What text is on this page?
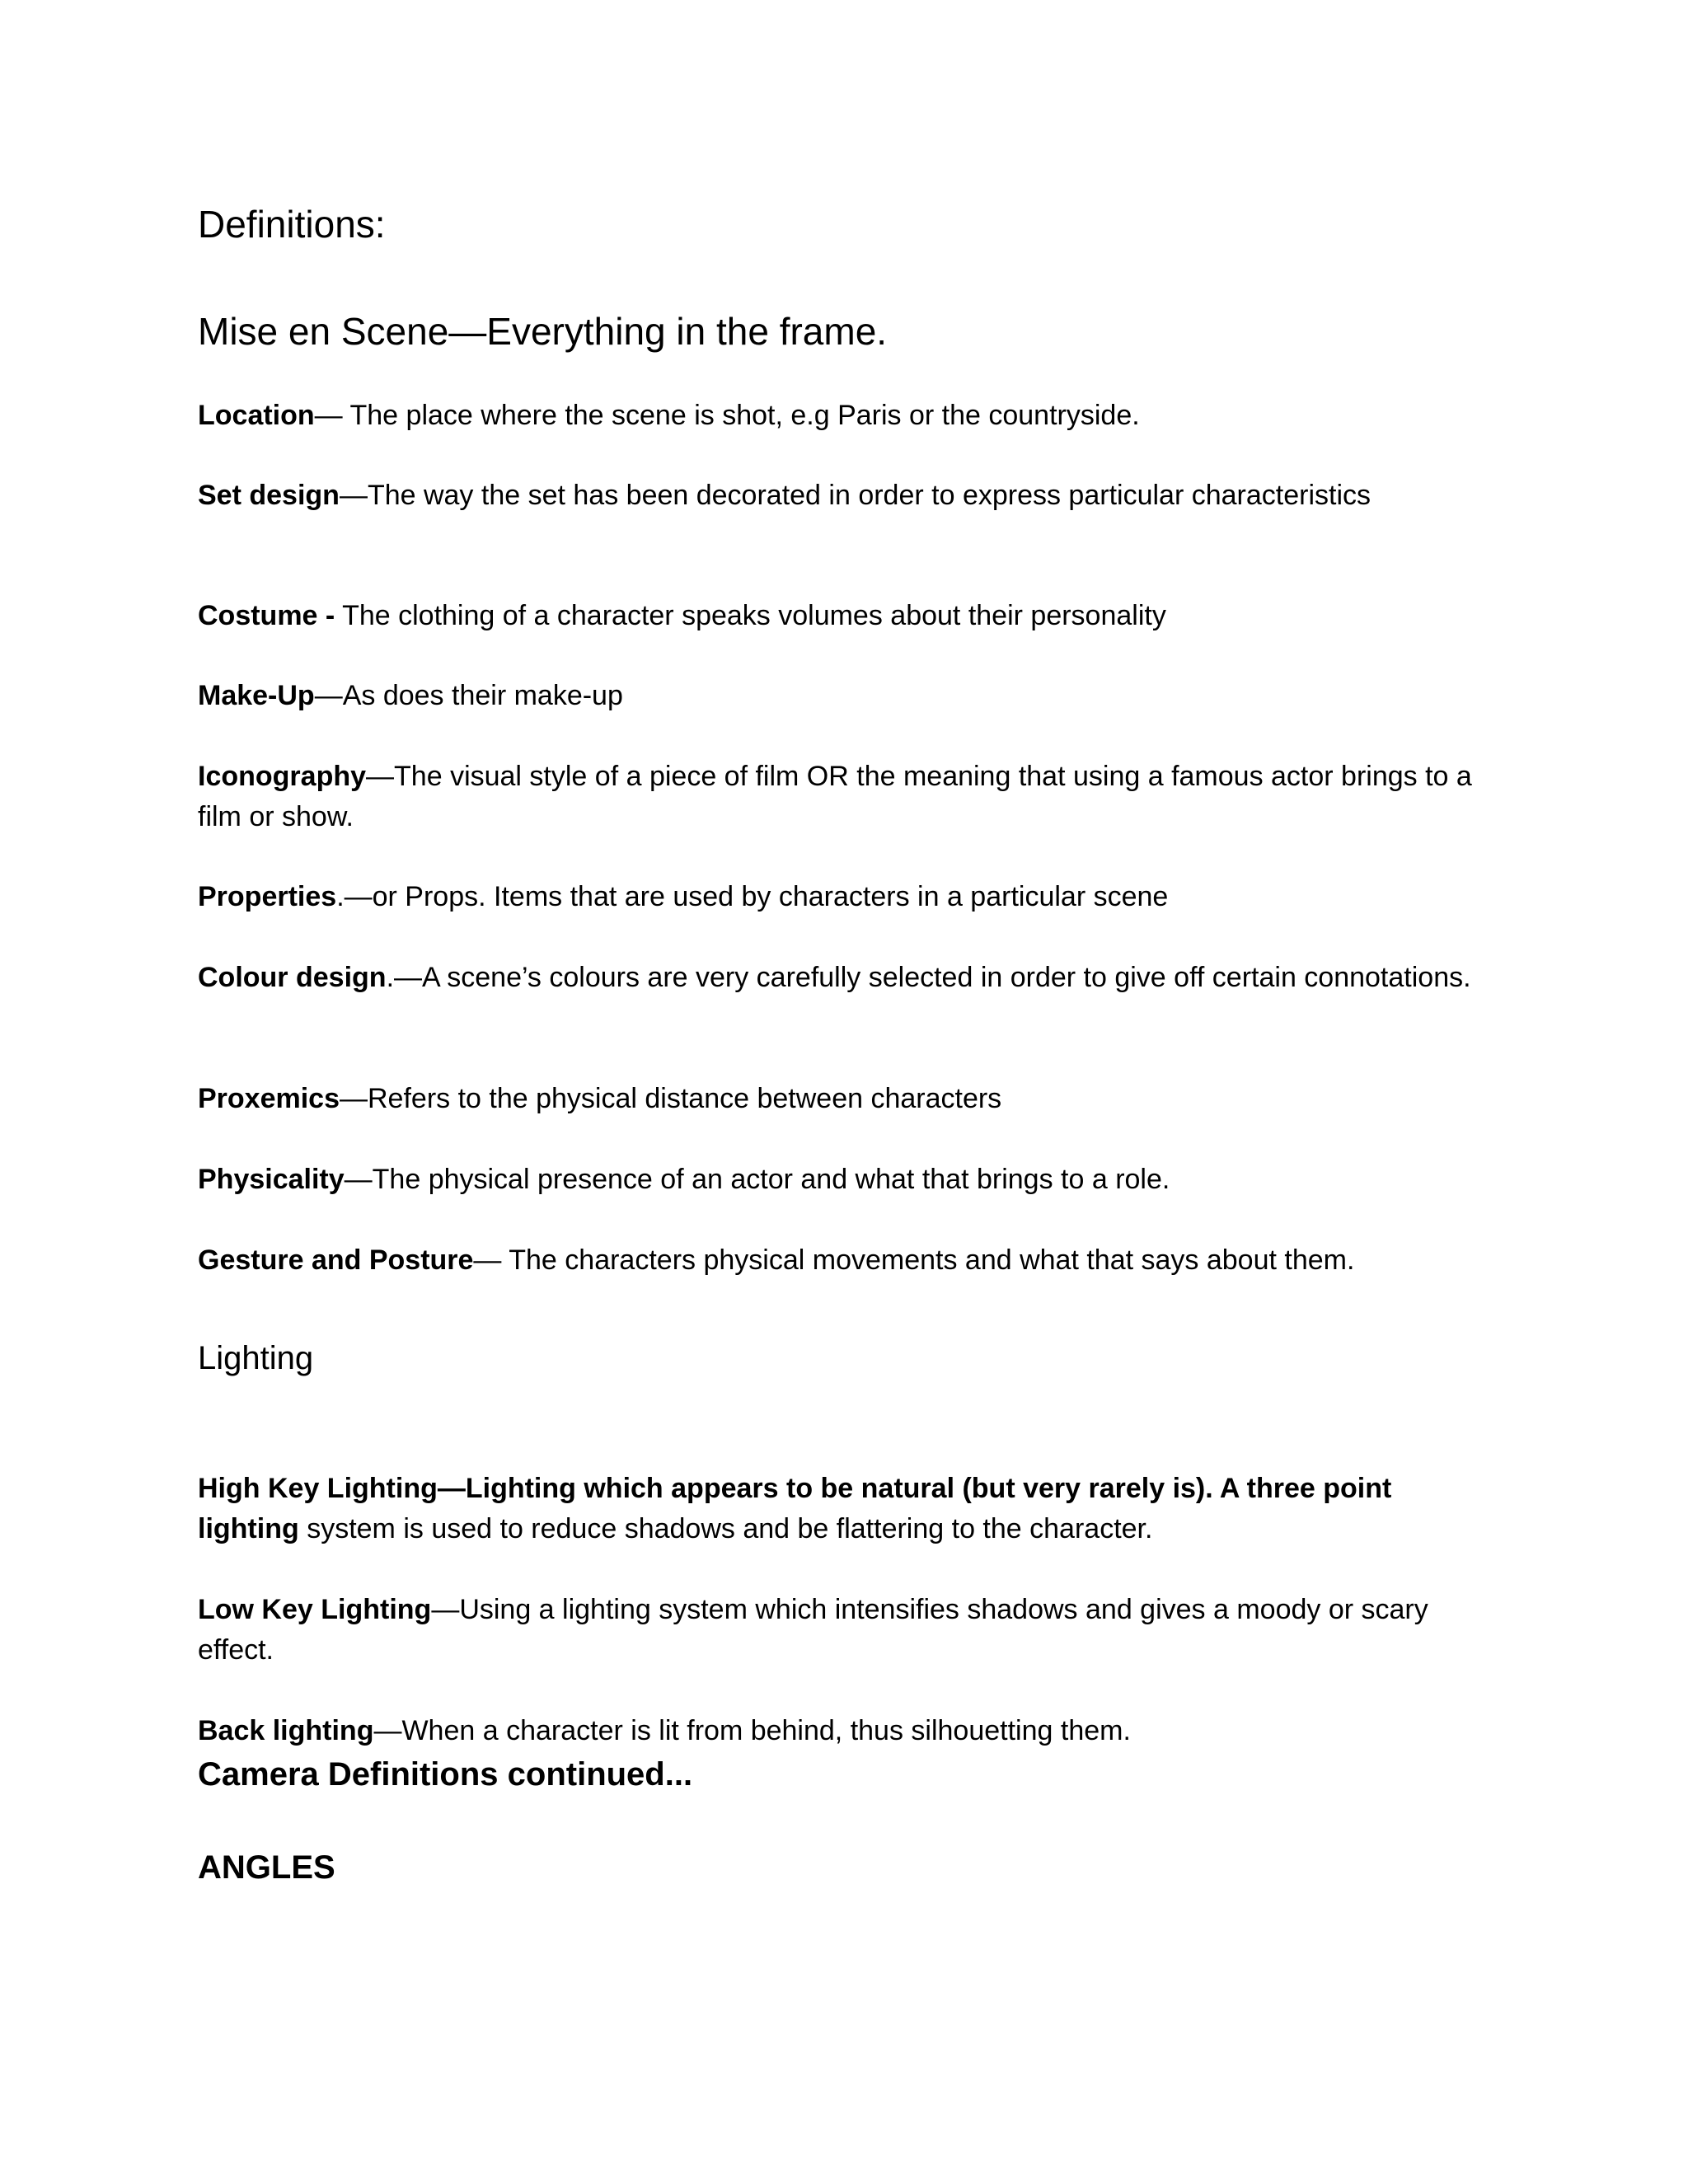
Definitions:
Mise en Scene—Everything in the frame.
Location— The place where the scene is shot, e.g Paris or the countryside.
Set design—The way the set has been decorated in order to express particular characteristics
Costume - The clothing of a character speaks volumes about their personality
Make-Up—As does their make-up
Iconography—The visual style of a piece of film OR the meaning that using a famous actor brings to a film or show.
Properties.—or Props. Items that are used by characters in a particular scene
Colour design.—A scene’s colours are very carefully selected in order to give off certain connotations.
Proxemics—Refers to the physical distance between characters
Physicality—The physical presence of an actor and what that brings to a role.
Gesture and Posture— The characters physical movements and what that says about them.
Lighting
High Key Lighting—Lighting which appears to be natural (but very rarely is). A three point lighting system is used to reduce shadows and be flattering to the character.
Low Key Lighting—Using a lighting system which intensifies shadows and gives a moody or scary effect.
Back lighting—When a character is lit from behind, thus silhouetting them.
Camera Definitions continued...
ANGLES
